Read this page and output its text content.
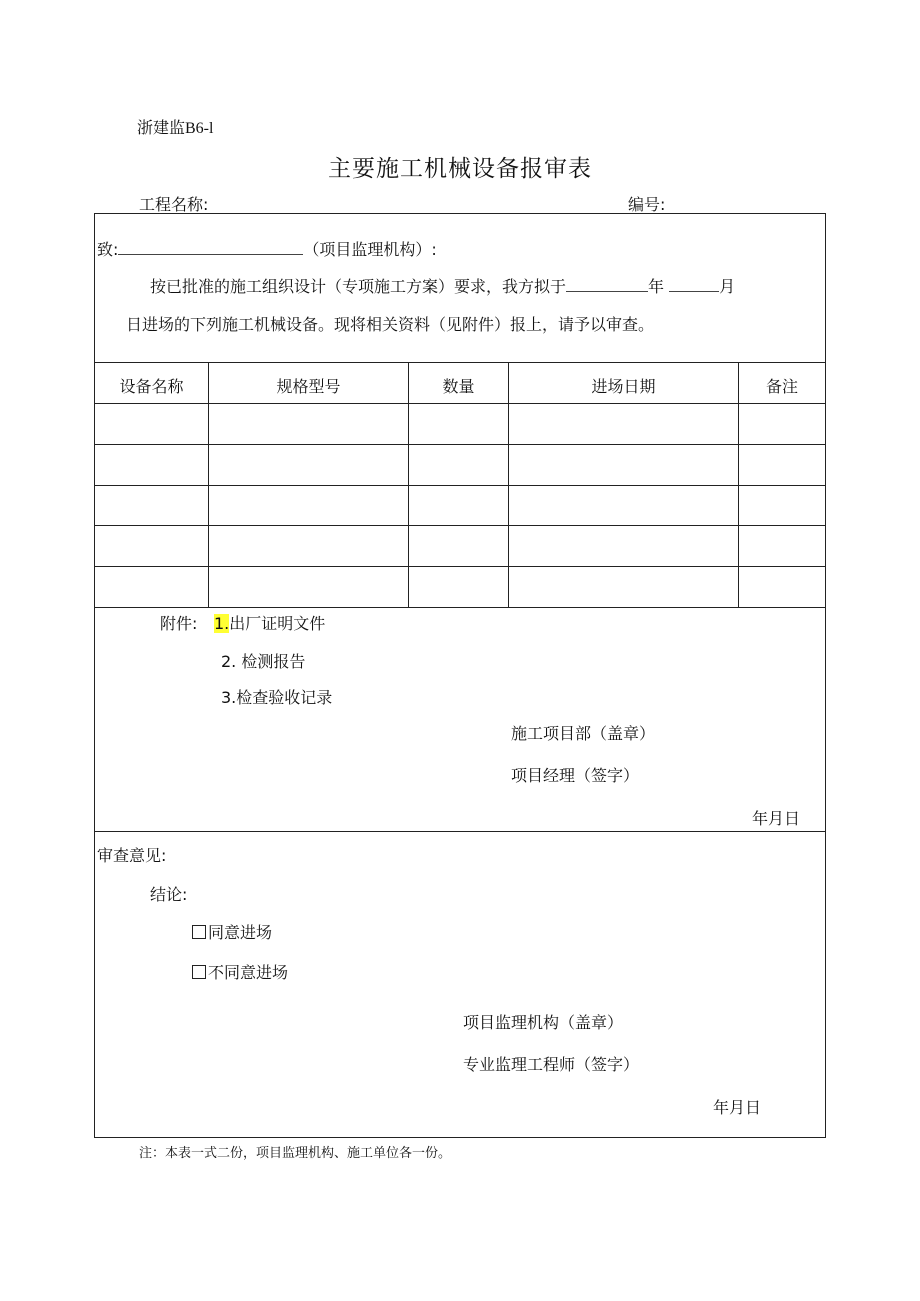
浙建监B6-l
主要施工机械设备报审表
工程名称:	编号:
致:	（项目监理机构）:
按已批准的施工组织设计（专项施工方案）要求，我方拟于	年	月
日进场的下列施工机械设备。现将相关资料（见附件）报上，请予以审查。
设备名称	规格型号	数量	进场日期	备注
附件: 1.出厂证明文件
2. 检测报告
3.检查验收记录
施工项目部（盖章）
项目经理（签字）
年月日
审查意见:
结论:
同意进场
不同意进场
项目监理机构（盖章）
专业监理工程师（签字）
年月日
注：本表一式二份，项目监理机构、施工单位各一份。
